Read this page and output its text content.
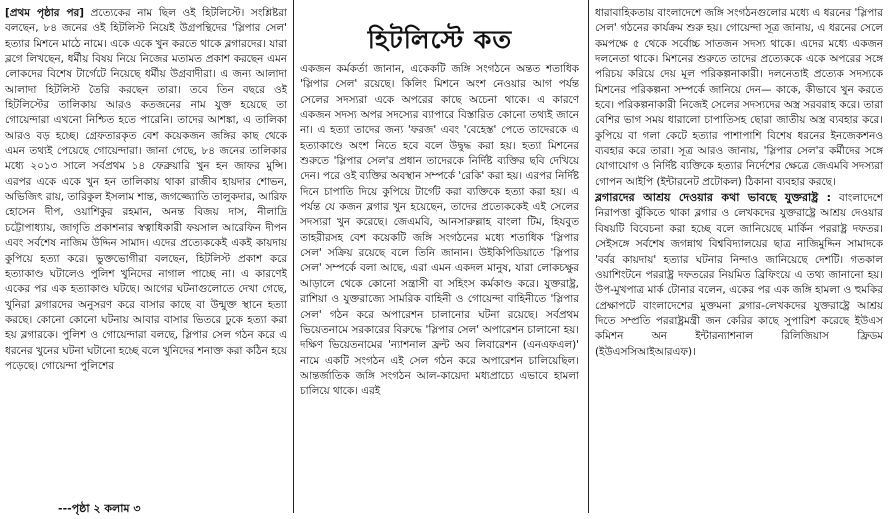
[প্রথম পৃষ্ঠার পর] প্রত্যেকের নাম ছিল ওই হিটলিস্টে। সংশ্লিষ্টরা বলছেন, ৮৪ জনের ওই হিটলিস্ট নিয়েই উগ্রপন্থিদের 'স্লিপার সেল' হত্যার মিশনে মাঠে নামে। একে একে খুন করতে থাকে ব্লগারদের। যারা ব্লগে লিখছেন, ধর্মীয় বিষয় নিয়ে নিজের মতামত প্রকাশ করছেন এমন লোকদের বিশেষ টার্গেটে নিয়েছে ধর্মীয় উগ্রবাদীরা। এ জন্য আলাদা আলাদা হিটলিস্ট তৈরি করছেন তারা। তবে তিন বছরে ওই হিটলিস্টের তালিকায় আরও কতজনের নাম যুক্ত হয়েছে তা গোয়েন্দারা এখনো নিশ্চিত হতে পারেনি। তাদের আশঙ্কা, এ তালিকা আরও বড় হচ্ছে। গ্রেফতারকৃত বেশ কয়েকজন জঙ্গির কাছ থেকে এমন তথ্যই পেয়েছে গোয়েন্দারা। জানা গেছে, ৮৪ জনের তালিকার মধ্যে ২০১৩ সালে সর্বপ্রথম ১৪ ফেব্রুয়ারি খুন হন জাফর মুন্সি। এরপর একে একে খুন হন তালিকায় থাকা রাজীব হায়দার শোভন, অভিজিৎ রায়, তারিকুল ইসলাম শান্ত, জগজ্জ্যোতি তালুকদার, আরিফ হোসেন দীপ, ওয়াশিকুর রহমান, অনন্ত বিজয় দাস, নীলাদ্রি চট্টোপাধ্যায়, জাগৃতি প্রকাশনার স্বত্বাধিকারী ফয়সাল আরেফিন দীপন এবং সর্বশেষ নাজিম উদ্দিন সামাদ। এদের প্রত্যেককেই একই কায়দায় কুপিয়ে হত্যা করে। ভুক্তভোগীরা বলছেন, হিটলিস্ট প্রকাশ করে হত্যাকাণ্ড ঘটালেও পুলিশ খুনিদের নাগাল পাচ্ছে না। এ কারণেই একের পর এক হত্যাকাণ্ড ঘটছে। আগের ঘটনাগুলোতে দেখা গেছে, খুনিরা ব্লগারদের অনুসরণ করে বাসার কাছে বা উন্মুক্ত স্থানে হত্যা করছে। কোনো কোনো ঘটনায় আবার বাসার ভিতরে ঢুকে হত্যা করা হয় ব্লগারকে। পুলিশ ও গোয়েন্দারা বলছে, স্লিপার সেল গঠন করে এ ধরনের খুনের ঘটনা ঘটানো হচ্ছে বলে খুনিদের শনাক্ত করা কঠিন হয়ে পড়েছে। গোয়েন্দা পুলিশের

হিটলিস্টে কত

একজন কর্মকর্তা জানান, একেকটি জঙ্গি সংগঠনে অন্তত শতাধিক 'স্লিপার সেল' রয়েছে। কিলিং মিশনে অংশ নেওয়ার আগ পর্যন্ত সেলের সদস্যরা একে অপরের কাছে অচেনা থাকে। এ কারণে একজন সদস্য অপর সদস্যের ব্যাপারে বিস্তারিত কোনো তথ্যই জানে না। এ হত্যা তাদের জন্য 'ফরজ' এবং 'বেহেস্ত' পেতে তাদেরকে এ হত্যাকাণ্ডে অংশ নিতে হবে বলে উদ্বুদ্ধ করা হয়। হত্যা মিশনের শুরুতে 'স্লিপার সেল'র প্রধান তাদেরকে নির্দিষ্ট ব্যক্তির ছবি দেখিয়ে দেন। পরে ওই ব্যক্তির অবস্থান সম্পর্কে 'রেকি' করা হয়। এরপর নির্দিষ্ট দিনে চাপাতি দিয়ে কুপিয়ে টার্গেট করা ব্যক্তিকে হত্যা করা হয়। এ পর্যন্ত যে কজন ব্লগার খুন হয়েছেন, তাদের প্রত্যেককেই এই সেলের সদস্যরা খুন করেছে। জেএমবি, আনসারুল্লাহ বাংলা টিম, হিযবুত তাহরীরসহ বেশ কয়েকটি জঙ্গি সংগঠনের মধ্যে শতাধিক 'স্লিপার সেল' সক্রিয় রয়েছে বলে তিনি জানান। উইকিপিডিয়াতে 'স্লিপার সেল' সম্পর্কে বলা আছে, এরা এমন একদল মানুষ, যারা লোকচক্ষুর আড়ালে থেকে কোনো সন্ত্রাসী বা সহিংস কর্মকাণ্ড করে। যুক্তরাষ্ট্র, রাশিয়া ও যুক্তরাজ্যে সামরিক বাহিনী ও গোয়েন্দা বাহিনীতে 'স্লিপার সেল' গঠন করে অপারেশন চালানোর ঘটনা রয়েছে। সর্বপ্রথম ভিয়েতনামে সরকারের বিরুদ্ধে 'স্লিপার সেল' অপারেশন চালানো হয়। দক্ষিণ ভিয়েতনামের 'ন্যাশনাল ফ্রন্ট অব লিবারেশন (এনএফএল)' নামে একটি সংগঠন এই সেল গঠন করে অপারেশন চালিয়েছিল। আন্তর্জাতিক জঙ্গি সংগঠন আল-কায়েদা মধ্যপ্রাচ্যে এভাবে হামলা চালিয়ে থাকে। এরই

ধারাবাহিকতায় বাংলাদেশে জঙ্গি সংগঠনগুলোর মধ্যে এ ধরনের 'স্লিপার সেল' গঠনের কার্যক্রম শুরু হয়। গোয়েন্দা সূত্র জানায়, এ ধরনের সেলে কমপক্ষে ৫ থেকে সর্বোচ্চ সাতজন সদস্য থাকে। এদের মধ্যে একজন দলনেতা থাকে। মিশনের শুরুতে তাদের প্রত্যেককে একে অপরের সঙ্গে পরিচয় করিয়ে দেয় মূল পরিকল্পনাকারী। দলনেতাই প্রত্যেক সদস্যকে মিশনের পরিকল্পনা সম্পর্কে জানিয়ে দেন— কাকে, কীভাবে খুন করতে হবে। পরিকল্পনাকারী নিজেই সেলের সদস্যদের অস্ত্র সরবরাহ করে। তারা বেশির ভাগ সময় ধারালো চাপাতিসহ ছোরা জাতীয় অস্ত্র ব্যবহার করে। কুপিয়ে বা গলা কেটে হত্যার পাশাপাশি বিশেষ ধরনের ইনজেকশনও ব্যবহার করে তারা। সূত্র আরও জানায়, 'স্লিপার সেল'র কর্মীদের সঙ্গে যোগাযোগ ও নির্দিষ্ট ব্যক্তিকে হত্যার নির্দেশের ক্ষেত্রে জেএমবি সদস্যরা গোপন আইপি (ইন্টারনেট প্রটোকল) ঠিকানা ব্যবহার করছে।

ব্লগারদের আশ্রয় দেওয়ার কথা ভাবছে যুক্তরাষ্ট্র : বাংলাদেশে নিরাপত্তা ঝুঁকিতে থাকা ব্লগার ও লেখকদের যুক্তরাষ্ট্রে আশ্রয় দেওয়ার বিষয়টি বিবেচনা করা হচ্ছে বলে জানিয়েছে মার্কিন পররাষ্ট্র দফতর। সেইসঙ্গে সর্বশেষ জগন্নাথ বিশ্ববিদ্যালয়ের ছাত্র নাজিমুদ্দিন সামাদকে 'বর্বর কায়দায়' হত্যার ঘটনার নিন্দাও জানিয়েছে দেশটি। গতকাল ওয়াশিংটনে পররাষ্ট্র দফতরের নিয়মিত ব্রিফিংয়ে এ তথ্য জানানো হয়। উপ-মুখপাত্র মার্ক টোনার বলেন, একের পর এক জঙ্গি হামলা ও হুমকির প্রেক্ষাপটে বাংলাদেশের মুক্তমনা ব্লগার-লেখকদের যুক্তরাষ্ট্রে আশ্রয় দিতে সম্প্রতি পররাষ্ট্রমন্ত্রী জন কেরির কাছে সুপারিশ করেছে ইউএস কমিশন অন ইন্টারন্যাশনাল রিলিজিয়াস ফ্রিডম (ইউএসসিআইআরএফ)।

---পৃষ্ঠা ২ কলাম ৩
